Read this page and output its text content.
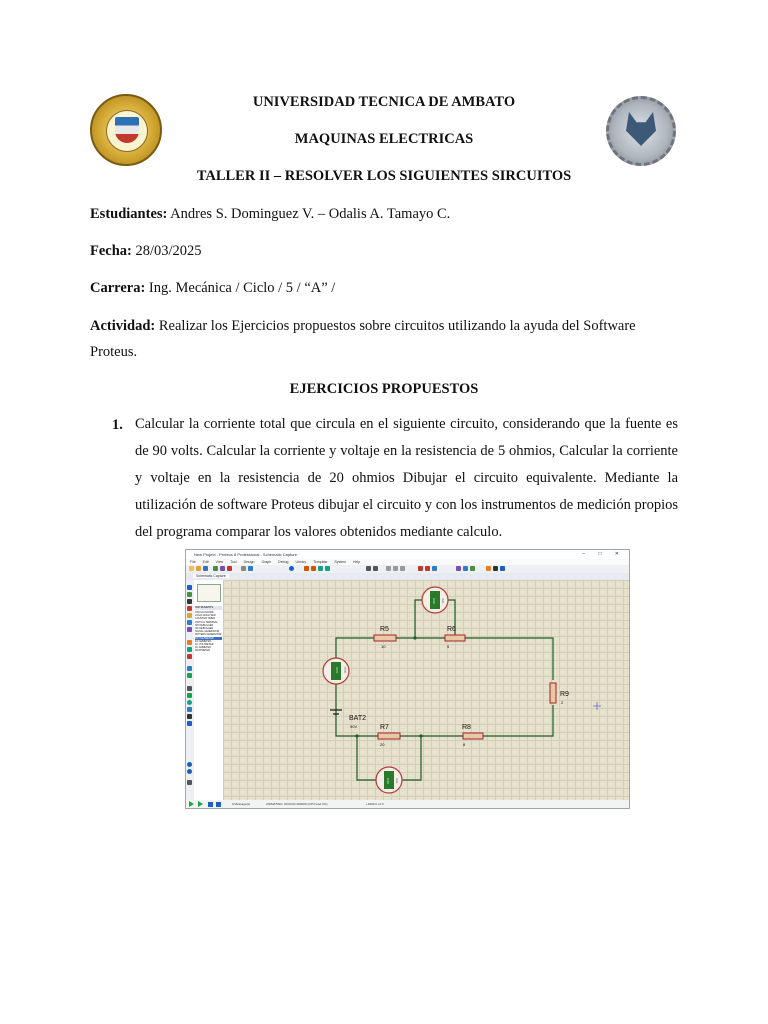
UNIVERSIDAD TECNICA DE AMBATO
MAQUINAS ELECTRICAS
TALLER II – RESOLVER LOS SIGUIENTES SIRCUITOS
Estudiantes: Andres S. Dominguez V. – Odalis A. Tamayo C.
Fecha: 28/03/2025
Carrera: Ing. Mecánica / Ciclo / 5 / “A” /
Actividad: Realizar los Ejercicios propuestos sobre circuitos utilizando la ayuda del Software
Proteus.
EJERCICIOS PROPUESTOS
1. Calcular la corriente total que circula en el siguiente circuito, considerando que la fuente es de 90 volts. Calcular la corriente y voltaje en la resistencia de 5 ohmios, Calcular la corriente y voltaje en la resistencia de 20 ohmios Dibujar el circuito equivalente. Mediante la utilización de software Proteus dibujar el circuito y con los instrumentos de medición propios del programa comparar los valores obtenidos mediante calculo.
New Project - Proteus 8 Professional - Schematic Capture	– □ ✕
File Edit View Tool Design Graph Debug Library Template System Help
Schematic Capture
INSTRUMENTS
OSCILLOSCOPE
LOGIC ANALYSER
COUNTER TIMER
VIRTUAL TERMINAL
SPI DEBUGGER
I2C DEBUGGER
SIGNAL GENERATOR
PATTERN GENERATOR
DC VOLTMETER
DC AMMETER
AC VOLTMETER
AC AMMETER
WATTMETER
R5
10
R6
5
R9
2
R7
20
R8
8
BAT2
90V
0.00 Volts
0.00 Amps
0.00 Volts
0 Message(s)	ANIMATING: 00:00:01.000000 (CPU load 1%)	+3300.0 +0.0
